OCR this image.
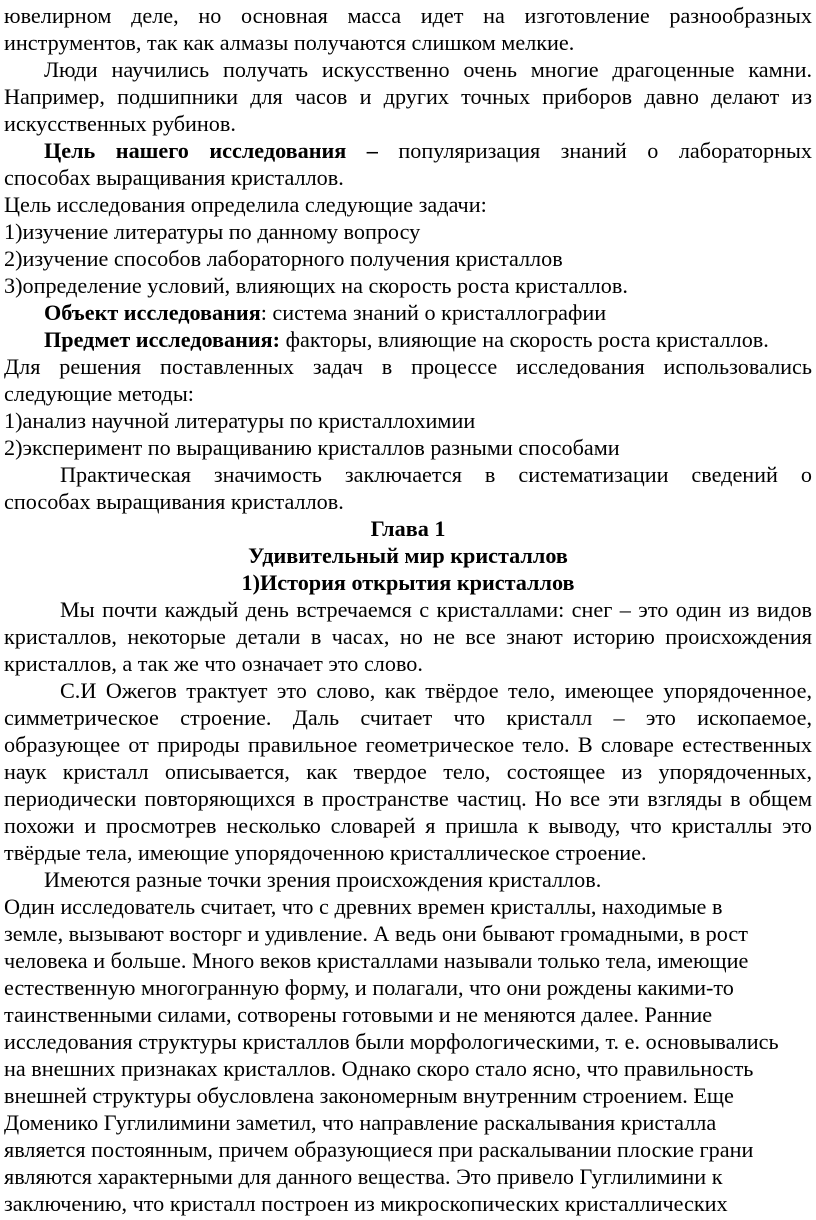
ювелирном деле, но основная масса идет на изготовление разнообразных
инструментов, так как алмазы получаются слишком мелкие.
Люди научились получать искусственно очень многие драгоценные камни.
Например, подшипники для часов и других точных приборов давно делают из
искусственных рубинов.
Цель нашего исследования – популяризация знаний о лабораторных
способах выращивания кристаллов.
Цель исследования определила следующие задачи:
1)изучение литературы по данному вопросу
2)изучение способов лабораторного получения кристаллов
3)определение условий, влияющих на скорость роста кристаллов.
Объект исследования: система знаний о кристаллографии
Предмет исследования: факторы, влияющие на скорость роста кристаллов.
Для решения поставленных задач в процессе исследования использовались
следующие методы:
1)анализ научной литературы по кристаллохимии
2)эксперимент по выращиванию кристаллов разными способами
Практическая значимость заключается в систематизации сведений о
способах выращивания кристаллов.
Глава 1
Удивительный мир кристаллов
1)История открытия кристаллов
Мы почти каждый день встречаемся с кристаллами: снег – это один из видов
кристаллов, некоторые детали в часах, но не все знают историю происхождения
кристаллов, а так же что означает это слово.
С.И Ожегов трактует это слово, как твёрдое тело, имеющее упорядоченное,
симметрическое строение. Даль считает что кристалл – это ископаемое,
образующее от природы правильное геометрическое тело. В словаре естественных
наук кристалл описывается, как твердое тело, состоящее из упорядоченных,
периодически повторяющихся в пространстве частиц. Но все эти взгляды в общем
похожи и просмотрев несколько словарей я пришла к выводу, что кристаллы это
твёрдые тела, имеющие упорядоченною кристаллическое строение.
Имеются разные точки зрения происхождения кристаллов.
Один исследователь считает, что с древних времен кристаллы, находимые в
земле, вызывают восторг и удивление. А ведь они бывают громадными, в рост
человека и больше. Много веков кристаллами называли только тела, имеющие
естественную многогранную форму, и полагали, что они рождены какими-то
таинственными силами, сотворены готовыми и не меняются далее. Ранние
исследования структуры кристаллов были морфологическими, т. е. основывались
на внешних признаках кристаллов. Однако скоро стало ясно, что правильность
внешней структуры обусловлена закономерным внутренним строением. Еще
Доменико Гуглилимини заметил, что направление раскалывания кристалла
является постоянным, причем образующиеся при раскалывании плоские грани
являются характерными для данного вещества. Это привело Гуглилимини к
заключению, что кристалл построен из микроскопических кристаллических
